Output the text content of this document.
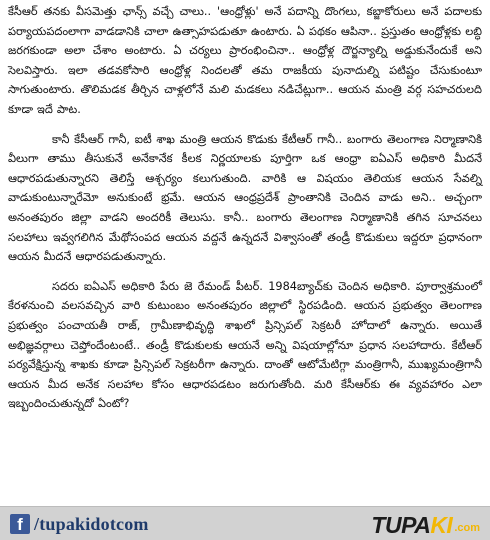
కేసీఆర్ తనకు వీసమెత్తు ఛాన్స్ వచ్చే చాలు.. 'ఆంధ్రోళ్లు' అనే పదాన్ని దొంగలు, కబ్జాకోరులు అనే పదాలకు పర్యాయపదంలాగా వాడడానికి చాలా ఉత్సాహపడుతూ ఉంటారు. ఏ పథకం ఆపినా.. ప్రస్తుతం ఆంధ్రోళ్లకు లబ్ధి జరగకుండా అలా చేశాం అంటారు. ఏ చర్యలు ప్రారంభించినా.. ఆంధ్రోళ్ల దౌర్జన్యాల్ని అడ్డుకునేందుకే అని సెలవిస్తారు. ఇలా తడవకోసారి ఆంధ్రోళ్ల నిందలతో తమ రాజకీయ పునాదుల్ని పటిష్టం చేసుకుంటూ సాగుతుంటారు. తొలిమడక తీర్చిన చాళ్లలోనే మలి మడకలు నడిచేట్లుగా.. ఆయన మంత్రి వర్గ సహచరులది కూడా ఇదే పాట.

కానీ కేసీఆర్ గానీ, ఐటీ శాఖ మంత్రి ఆయన కొడుకు కేటీఆర్ గానీ.. బంగారు తెలంగాణ నిర్మాణానికి వీలుగా తాము తీసుకునే అనేకానేక కీలక నిర్ణయాలకు పూర్తిగా ఒక ఆంధ్రా ఐఏఎస్ అధికారి మీదనే ఆధారపడుతున్నారని తెలిస్తే ఆశ్చర్యం కలుగుతుంది. వారికి ఆ విషయం తెలియక ఆయన సేవల్ని వాడుకుంటున్నారేమో అనుకుంటే భ్రమే. ఆయన ఆంధ్రప్రదేశ్ ప్రాంతానికి చెందిన వాడు అని.. అచ్చంగా అనంతపురం జిల్లా వాడని అందరికీ తెలుసు. కానీ.. బంగారు తెలంగాణ నిర్మాణానికి తగిన సూచనలు సలహాలు ఇవ్వగలిగిన మేథోసంపద ఆయన వద్దనే ఉన్నదనే విశ్వాసంతో తండ్రీ కొడుకులు ఇద్దరూ ప్రధానంగా ఆయన మీదనే ఆధారపడుతున్నారు.

సదరు ఐఏఎస్ అధికారి పేరు జె రేమండ్ పీటర్. 1984బ్యాచ్‌కు చెందిన అధికారి. పూర్వాశ్రమంలో కేరళనుంచి వలసవచ్చిన వారి కుటుంబం అనంతపురం జిల్లాలో స్థిరపడింది. ఆయన ప్రభుత్వం తెలంగాణ ప్రభుత్వం పంచాయతీ రాజ్, గ్రామీణాభివృద్ధి శాఖలో ప్రిన్సిపల్ సెక్రటరీ హోదాలో ఉన్నారు. అయితే అభిజ్ఞవర్గాలు చెప్తోందేంటంటే.. తండ్రీ కొడుకులకు ఆయనే అన్ని విషయాల్లోనూ ప్రధాన సలహాదారు. కేటీఆర్ పర్యవేక్షిస్తున్న శాఖకు కూడా ప్రిన్సిపల్ సెక్రటరీగా ఉన్నారు. దాంతో ఆటోమేటిగ్గా మంత్రిగానీ, ముఖ్యమంత్రిగానీ ఆయన మీద అనేక సలహాల కోసం ఆధారపడటం జరుగుతోంది. మరి కేసీఆర్‌కు ఈ వ్యవహారం ఎలా ఇబ్బందించుతున్నదో ఏంటో?

f /tupakidotcom	TUPAKI .com
